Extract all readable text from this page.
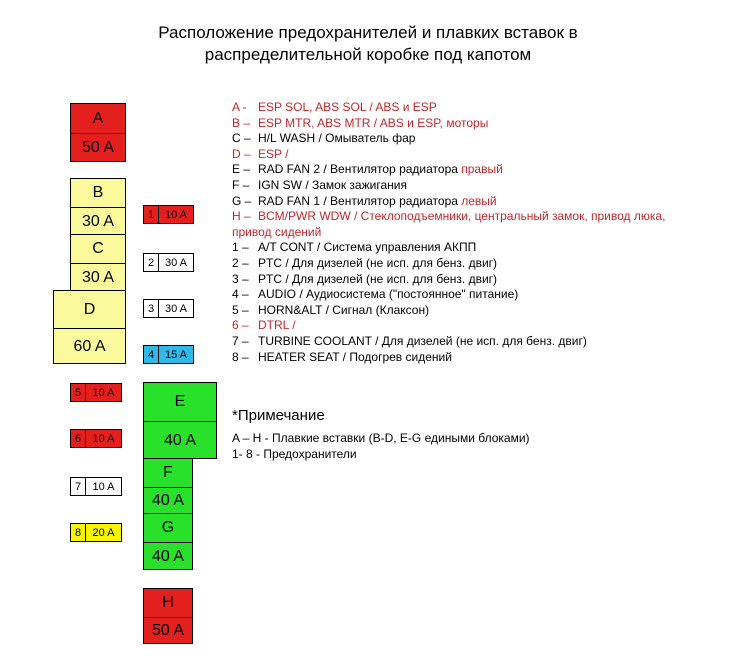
Расположение предохранителей и плавких вставок в
распределительной коробке под капотом
A
50 A
B
30 A
C
30 A
D
60 A
E
40 A
F
40 A
G
40 A
H
50 A
1 10 A
2 30 A
3 30 A
4 15 A
5	10 A
6	10 A
7	10 A
8	20 A
A - ESP SOL, ABS SOL / ABS и ESP
B – ESP MTR, ABS MTR / ABS и ESP, моторы
C – H/L WASH / Омыватель фар
D – ESP /
E – RAD FAN 2 / Вентилятор радиатора правый
F – IGN SW / Замок зажигания
G – RAD FAN 1 / Вентилятор радиатора левый
H – BCM/PWR WDW / Стеклоподъемники, центральный замок, привод люка,
привод сидений
1 – A/T CONT / Система управления АКПП
2 – PTC / Для дизелей (не исп. для бенз. двиг)
3 – PTC / Для дизелей (не исп. для бенз. двиг)
4 – AUDIO / Аудиосистема ("постоянное" питание)
5 – HORN&ALT / Сигнал (Клаксон)
6 – DTRL /
7 – TURBINE COOLANT / Для дизелей (не исп. для бенз. двиг)
8 – HEATER SEAT / Подогрев сидений
*Примечание
A – H - Плавкие вставки (B-D, E-G едиными блоками)
1- 8 - Предохранители
